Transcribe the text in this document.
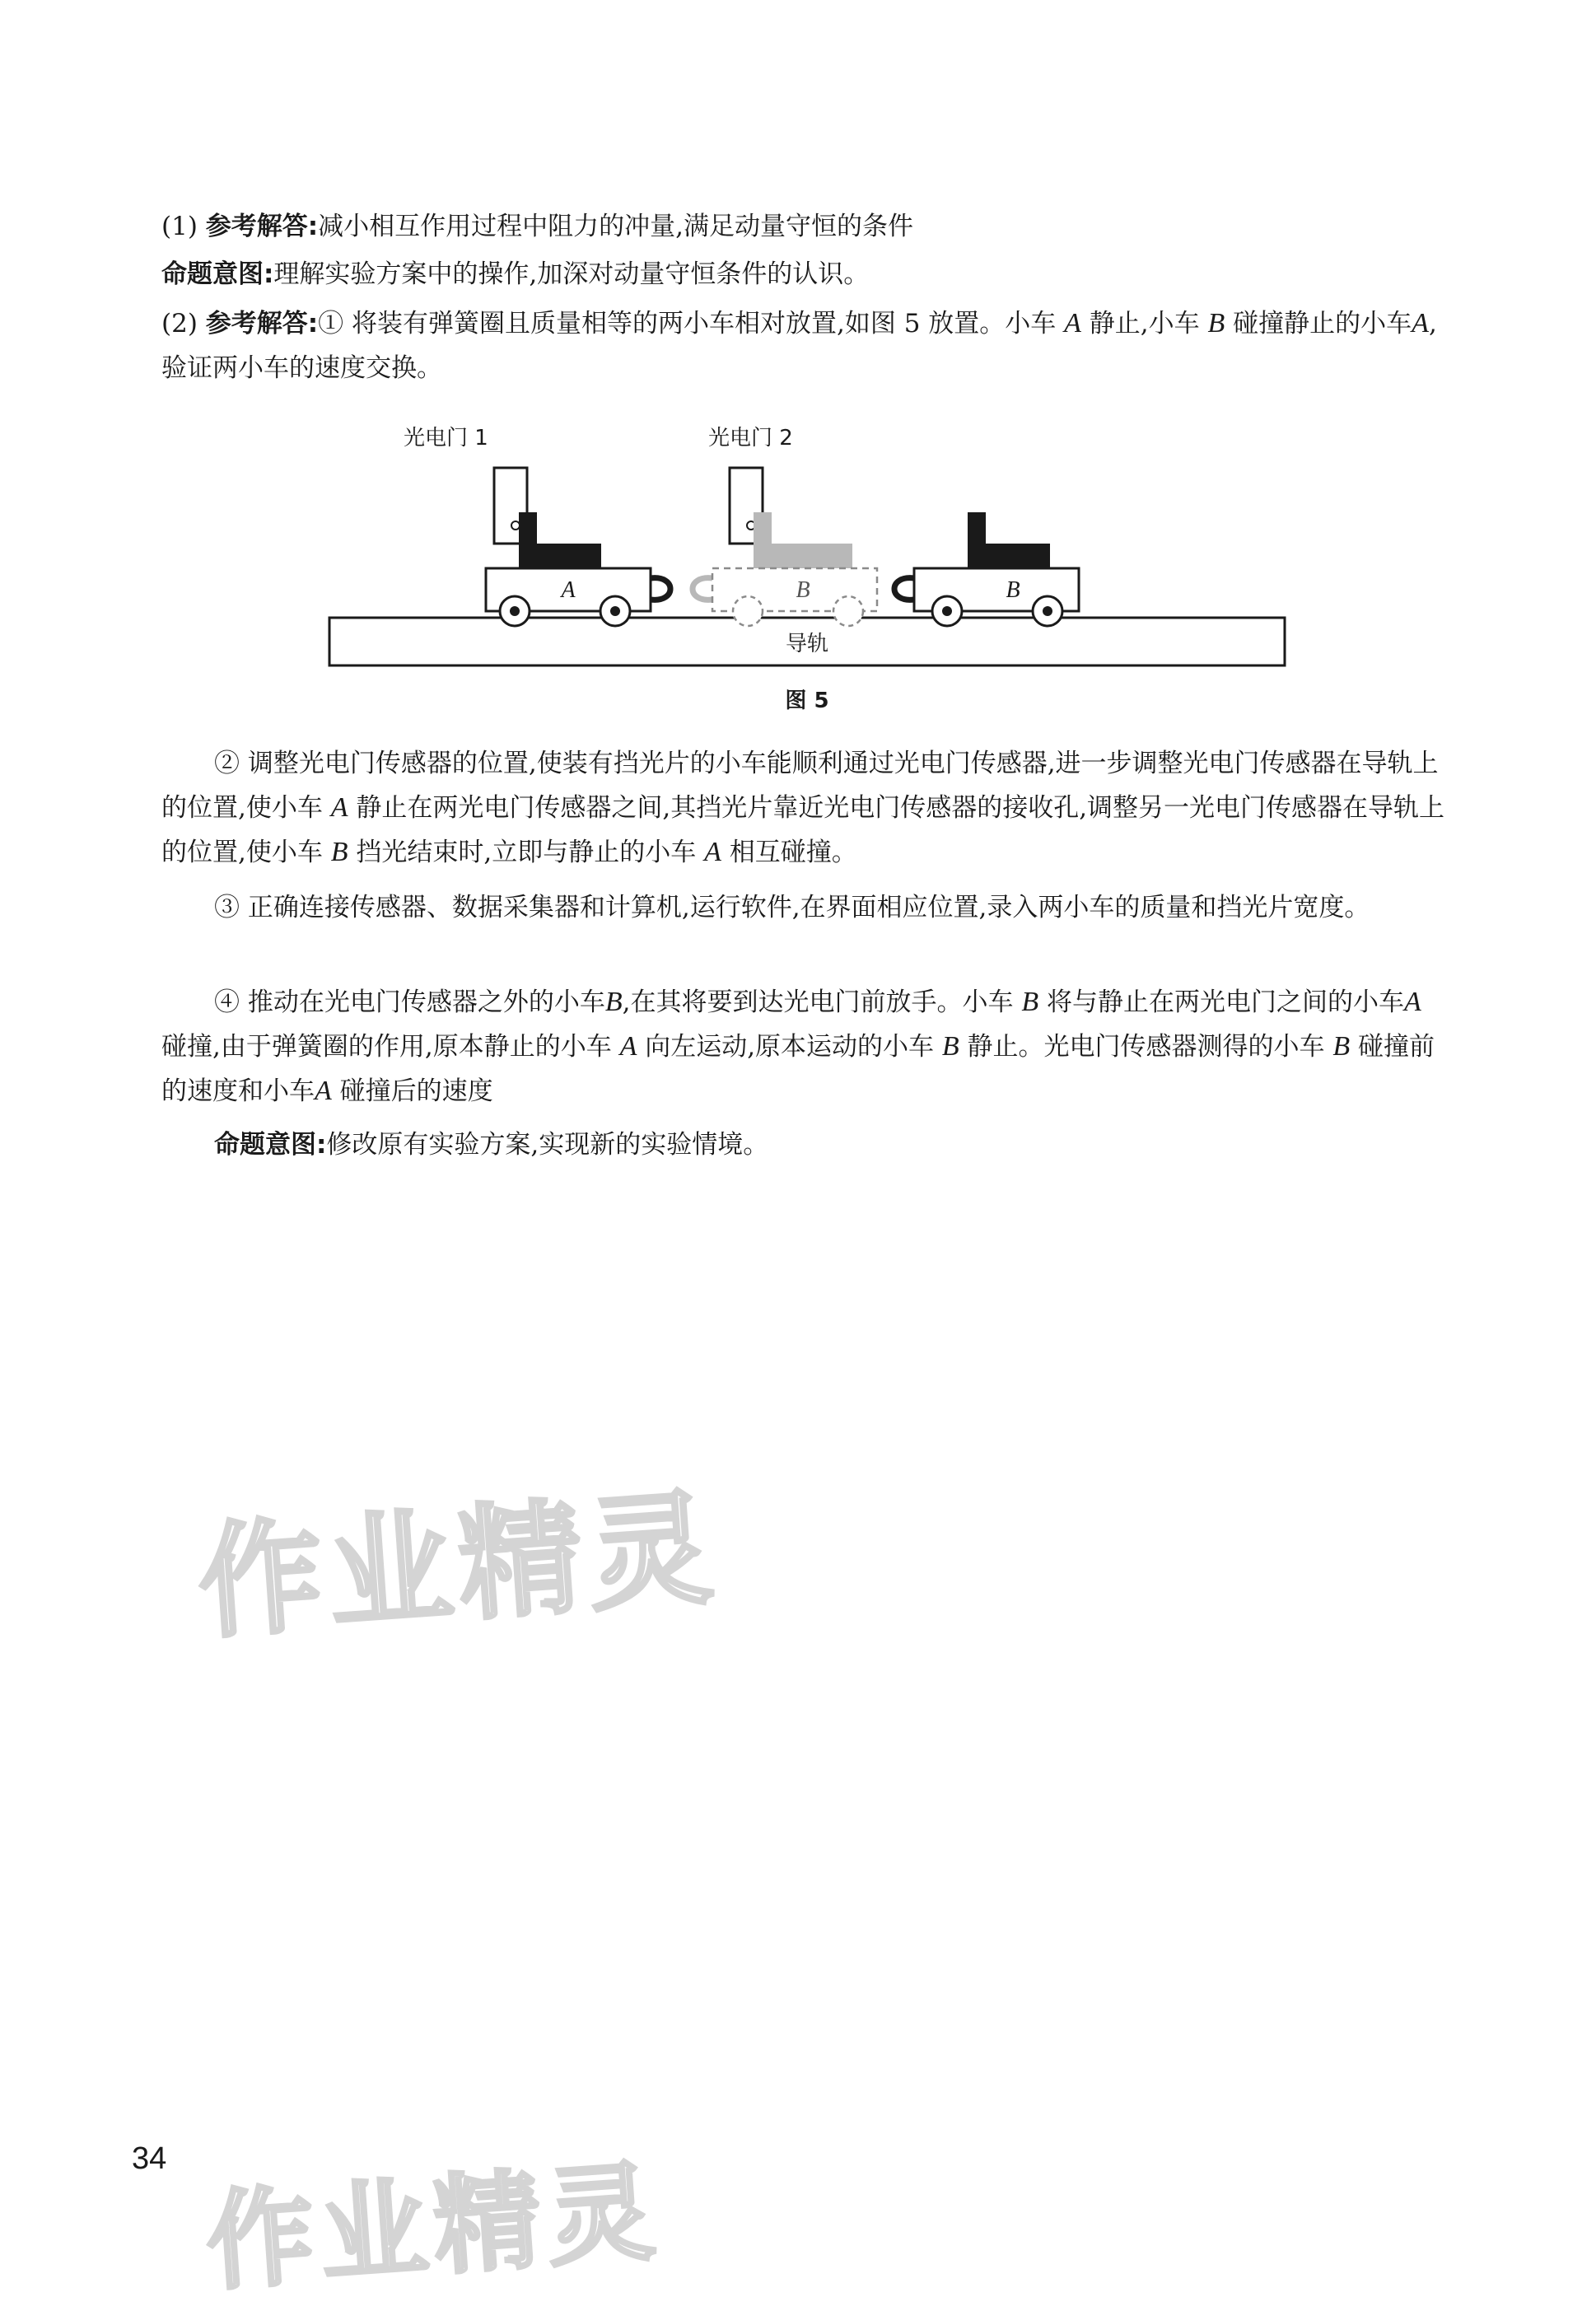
(1) 参考解答:减小相互作用过程中阻力的冲量,满足动量守恒的条件

命题意图:理解实验方案中的操作,加深对动量守恒条件的认识。

(2) 参考解答:① 将装有弹簧圈且质量相等的两小车相对放置,如图 5 放置。小车 A 静止,小车 B 碰撞静止的小车A,验证两小车的速度交换。

导轨
光电门 1	光电门 2
A	B	B
图 5

② 调整光电门传感器的位置,使装有挡光片的小车能顺利通过光电门传感器,进一步调整光电门传感器在导轨上的位置,使小车 A 静止在两光电门传感器之间,其挡光片靠近光电门传感器的接收孔,调整另一光电门传感器在导轨上的位置,使小车 B 挡光结束时,立即与静止的小车 A 相互碰撞。

③ 正确连接传感器、数据采集器和计算机,运行软件,在界面相应位置,录入两小车的质量和挡光片宽度。

④ 推动在光电门传感器之外的小车B,在其将要到达光电门前放手。小车 B 将与静止在两光电门之间的小车A 碰撞,由于弹簧圈的作用,原本静止的小车 A 向左运动,原本运动的小车 B 静止。光电门传感器测得的小车 B 碰撞前的速度和小车A 碰撞后的速度

命题意图:修改原有实验方案,实现新的实验情境。

作业精灵
作业精灵
34
